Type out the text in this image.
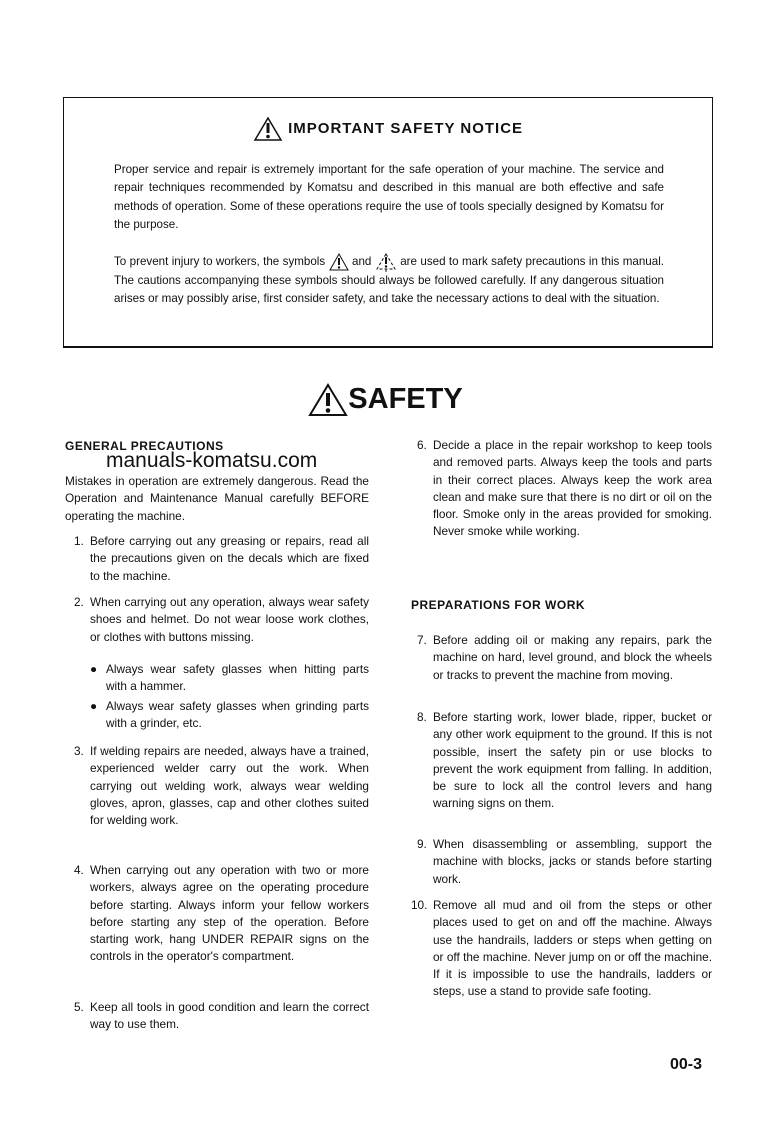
IMPORTANT SAFETY NOTICE
Proper service and repair is extremely important for the safe operation of your machine. The service and repair techniques recommended by Komatsu and described in this manual are both effective and safe methods of operation. Some of these operations require the use of tools specially designed by Komatsu for the purpose.
To prevent injury to workers, the symbols and are used to mark safety precautions in this manual. The cautions accompanying these symbols should always be followed carefully. If any dangerous situation arises or may possibly arise, first consider safety, and take the necessary actions to deal with the situation.
SAFETY
GENERAL PRECAUTIONS
manuals-komatsu.com
Mistakes in operation are extremely dangerous. Read the Operation and Maintenance Manual carefully BEFORE operating the machine.
1. Before carrying out any greasing or repairs, read all the precautions given on the decals which are fixed to the machine.
2. When carrying out any operation, always wear safety shoes and helmet. Do not wear loose work clothes, or clothes with buttons missing.
● Always wear safety glasses when hitting parts with a hammer.
● Always wear safety glasses when grinding parts with a grinder, etc.
3. If welding repairs are needed, always have a trained, experienced welder carry out the work. When carrying out welding work, always wear welding gloves, apron, glasses, cap and other clothes suited for welding work.
4. When carrying out any operation with two or more workers, always agree on the operating procedure before starting. Always inform your fellow workers before starting any step of the operation. Before starting work, hang UNDER REPAIR signs on the controls in the operator's compartment.
5. Keep all tools in good condition and learn the correct way to use them.
6. Decide a place in the repair workshop to keep tools and removed parts. Always keep the tools and parts in their correct places. Always keep the work area clean and make sure that there is no dirt or oil on the floor. Smoke only in the areas provided for smoking. Never smoke while working.
PREPARATIONS FOR WORK
7. Before adding oil or making any repairs, park the machine on hard, level ground, and block the wheels or tracks to prevent the machine from moving.
8. Before starting work, lower blade, ripper, bucket or any other work equipment to the ground. If this is not possible, insert the safety pin or use blocks to prevent the work equipment from falling. In addition, be sure to lock all the control levers and hang warning signs on them.
9. When disassembling or assembling, support the machine with blocks, jacks or stands before starting work.
10. Remove all mud and oil from the steps or other places used to get on and off the machine. Always use the handrails, ladders or steps when getting on or off the machine. Never jump on or off the machine. If it is impossible to use the handrails, ladders or steps, use a stand to provide safe footing.
00-3
